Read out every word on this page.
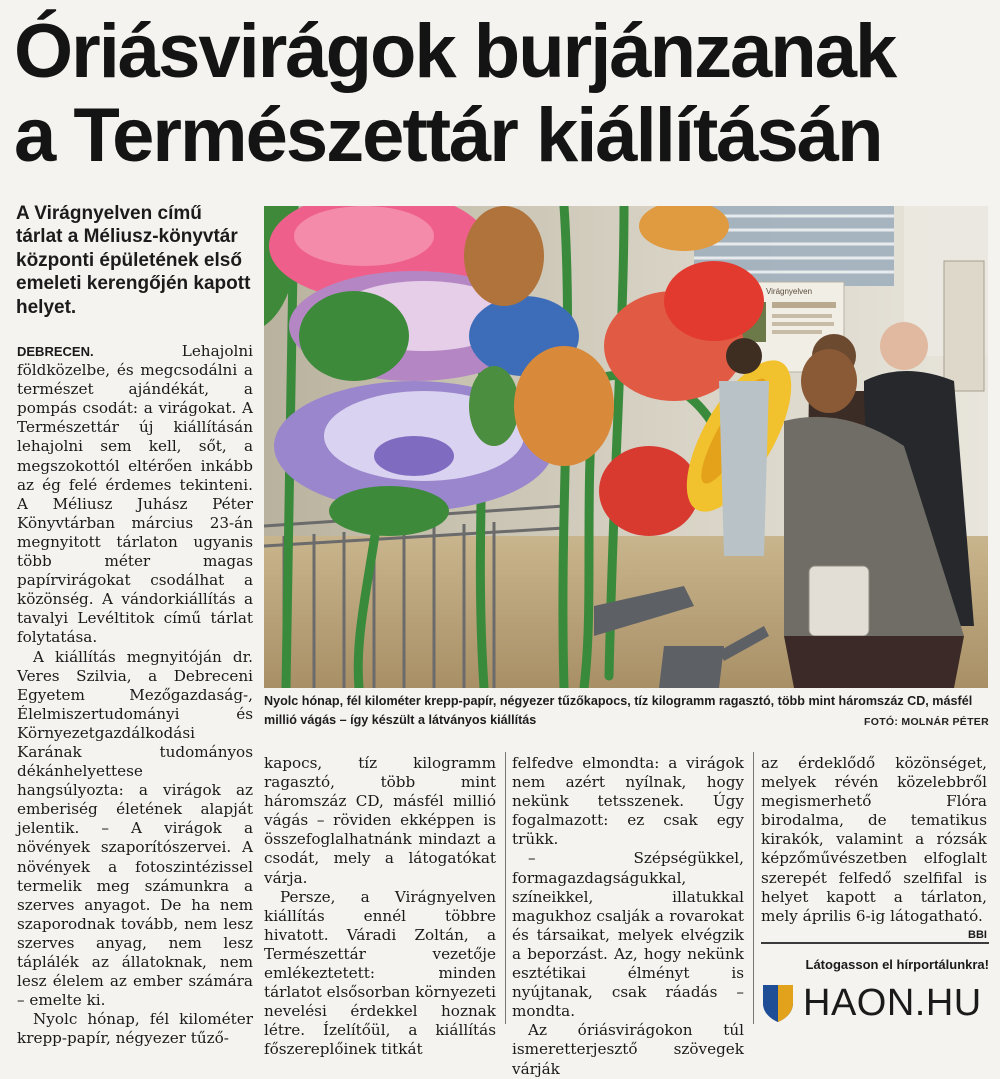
Óriásvirágok burjánzanak
a Természettár kiállításán
A Virágnyelven című tárlat a Méliusz-könyvtár központi épületének első emeleti kerengőjén kapott helyet.

DEBRECEN.	Lehajolni földközelbe, és megcsodálni a természet ajándékát, a pompás csodát: a virágokat. A Természettár új kiállításán lehajolni sem kell, sőt, a megszokottól eltérően inkább az ég felé érdemes tekinteni. A Méliusz Juhász Péter Könyvtárban március 23-án megnyitott tárlaton ugyanis több méter magas papírvirágokat csodálhat a közönség. A vándorkiállítás a tavalyi Levéltitok című tárlat folytatása.

A kiállítás megnyitóján dr. Veres Szilvia, a Debreceni Egyetem Mezőgazdaság-, Élelmiszertudományi és Környezetgazdálkodási Karának tudományos dékánhelyettese hangsúlyozta: a virágok az emberiség életének alapját jelentik. – A virágok a növények szaporítószervei. A növények a fotoszintézissel termelik meg számunkra a szerves anyagot. De ha nem szaporodnak tovább, nem lesz szerves anyag, nem lesz táplálék az állatoknak, nem lesz élelem az ember számára – emelte ki.

Nyolc hónap, fél kilométer krepp-papír, négyezer tűző-

Virágnyelven
Nyolc hónap, fél kilométer krepp-papír, négyezer tűzőkapocs, tíz kilogramm ragasztó, több mint háromszáz CD, másfél millió vágás – így készült a látványos kiállítás	FOTÓ: MOLNÁR PÉTER

kapocs, tíz kilogramm ragasztó, több mint háromszáz CD, másfél millió vágás – röviden ekképpen is összefoglalhatnánk mindazt a csodát, mely a látogatókat várja.

Persze, a Virágnyelven kiállítás ennél többre hivatott. Váradi Zoltán, a Természettár vezetője emlékeztetett: minden tárlatot elsősorban környezeti nevelési érdekkel hoznak létre. Ízelítőül, a kiállítás főszereplőinek titkát

felfedve elmondta: a virágok nem azért nyílnak, hogy nekünk tetsszenek. Úgy fogalmazott: ez csak egy trükk.

– Szépségükkel, formagazdagságukkal, színeikkel, illatukkal magukhoz csalják a rovarokat és társaikat, melyek elvégzik a beporzást. Az, hogy nekünk esztétikai élményt is nyújtanak, csak ráadás – mondta.

Az óriásvirágokon túl ismeretterjesztő szövegek várják

az érdeklődő közönséget, melyek révén közelebbről megismerhető Flóra birodalma, de tematikus kirakók, valamint a rózsák képzőművészetben elfoglalt szerepét felfedő szelfifal is helyet kapott a tárlaton, mely április 6-ig látogatható.

BBI
Látogasson el hírportálunkra!
HAON.HU
